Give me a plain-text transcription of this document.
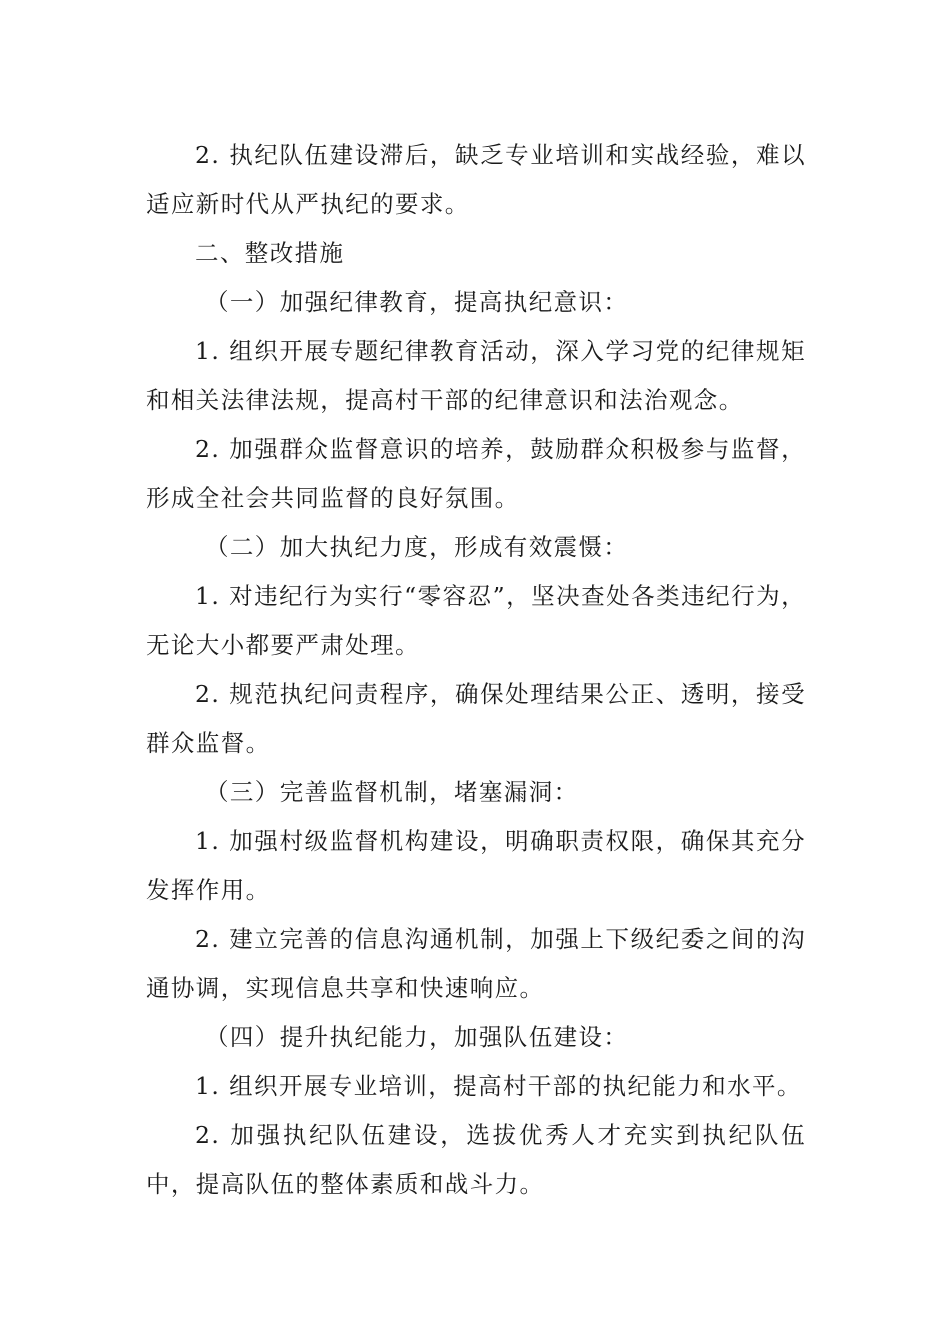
2. 执纪队伍建设滞后，缺乏专业培训和实战经验，难以适应新时代从严执纪的要求。

二、整改措施

（一）加强纪律教育，提高执纪意识：

1. 组织开展专题纪律教育活动，深入学习党的纪律规矩和相关法律法规，提高村干部的纪律意识和法治观念。

2. 加强群众监督意识的培养，鼓励群众积极参与监督，形成全社会共同监督的良好氛围。

（二）加大执纪力度，形成有效震慑：

1. 对违纪行为实行“零容忍”，坚决查处各类违纪行为，无论大小都要严肃处理。

2. 规范执纪问责程序，确保处理结果公正、透明，接受群众监督。

（三）完善监督机制，堵塞漏洞：

1. 加强村级监督机构建设，明确职责权限，确保其充分发挥作用。

2. 建立完善的信息沟通机制，加强上下级纪委之间的沟通协调，实现信息共享和快速响应。

（四）提升执纪能力，加强队伍建设：

1. 组织开展专业培训，提高村干部的执纪能力和水平。

2. 加强执纪队伍建设，选拔优秀人才充实到执纪队伍中，提高队伍的整体素质和战斗力。
